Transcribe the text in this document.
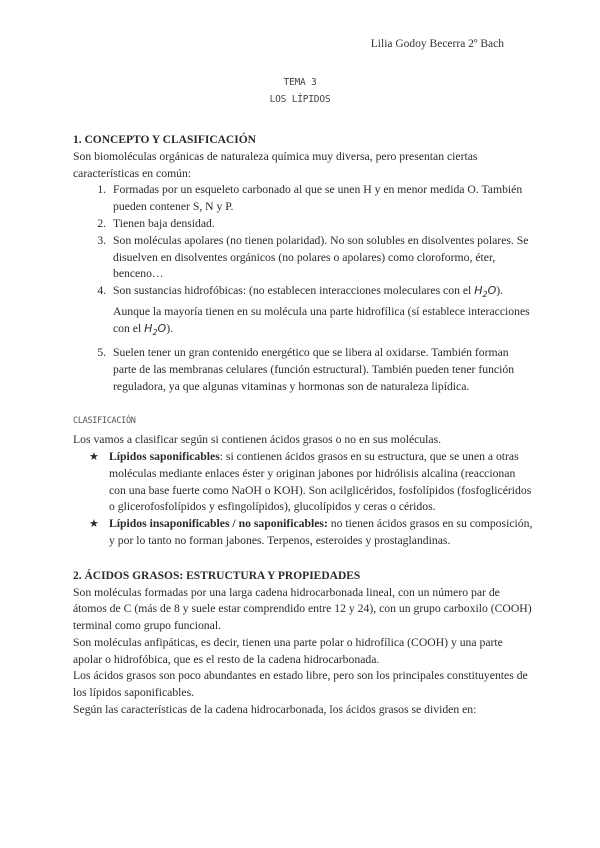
Lilia Godoy Becerra 2º Bach
TEMA 3
LOS LÍPIDOS

1. CONCEPTO Y CLASIFICACIÓN

Son biomoléculas orgánicas de naturaleza química muy diversa, pero presentan ciertas características en común:

1. Formadas por un esqueleto carbonado al que se unen H y en menor medida O. También pueden contener S, N y P.
2. Tienen baja densidad.
3. Son moléculas apolares (no tienen polaridad). No son solubles en disolventes polares. Se disuelven en disolventes orgánicos (no polares o apolares) como cloroformo, éter, benceno…
4. Son sustancias hidrofóbicas: (no establecen interacciones moleculares con el $H_2O$). Aunque la mayoría tienen en su molécula una parte hidrofílica (sí establece interacciones con el $H_2O$).
5. Suelen tener un gran contenido energético que se libera al oxidarse. También forman parte de las membranas celulares (función estructural). También pueden tener función reguladora, ya que algunas vitaminas y hormonas son de naturaleza lipídica.
CLASIFICACIÓN

Los vamos a clasificar según si contienen ácidos grasos o no en sus moléculas.

★ Lípidos saponificables: si contienen ácidos grasos en su estructura, que se unen a otras moléculas mediante enlaces éster y originan jabones por hidrólisis alcalina (reaccionan con una base fuerte como NaOH o KOH). Son acilglicéridos, fosfolípidos (fosfoglicéridos o glicerofosfolípidos y esfingolípidos), glucolípidos y ceras o céridos.
★ Lípidos insaponificables / no saponificables: no tienen ácidos grasos en su composición, y por lo tanto no forman jabones. Terpenos, esteroides y prostaglandinas.

2. ÁCIDOS GRASOS: ESTRUCTURA Y PROPIEDADES

Son moléculas formadas por una larga cadena hidrocarbonada lineal, con un número par de átomos de C (más de 8 y suele estar comprendido entre 12 y 24), con un grupo carboxilo (COOH) terminal como grupo funcional.

Son moléculas anfipáticas, es decir, tienen una parte polar o hidrofílica (COOH) y una parte apolar o hidrofóbica, que es el resto de la cadena hidrocarbonada.

Los ácidos grasos son poco abundantes en estado libre, pero son los principales constituyentes de los lípidos saponificables.

Según las características de la cadena hidrocarbonada, los ácidos grasos se dividen en:
